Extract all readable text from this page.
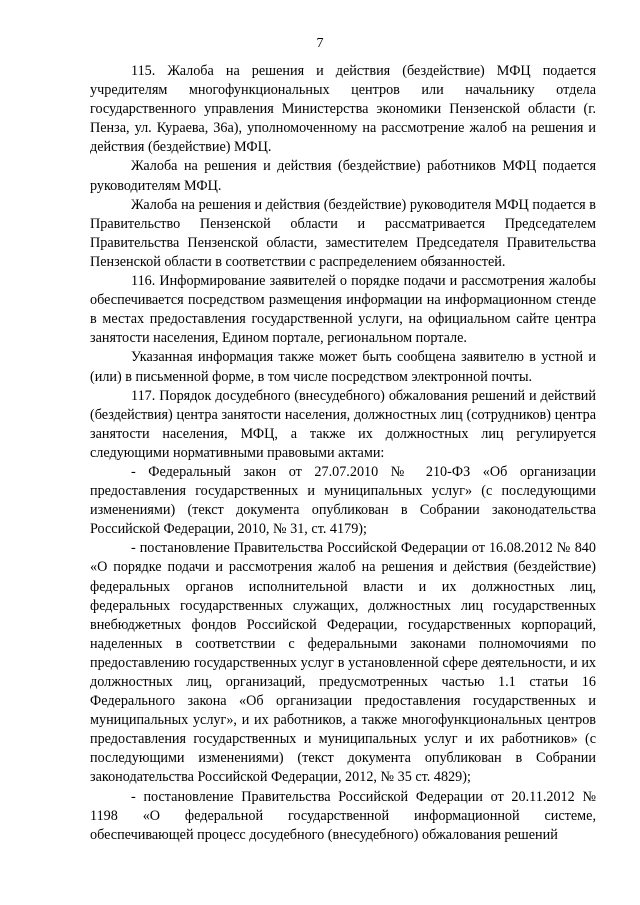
7

115. Жалоба на решения и действия (бездействие) МФЦ подается учредителям многофункциональных центров или начальнику отдела государственного управления Министерства экономики Пензенской области (г. Пенза, ул. Кураева, 36а), уполномоченному на рассмотрение жалоб на решения и действия (бездействие) МФЦ.

Жалоба на решения и действия (бездействие) работников МФЦ подается руководителям МФЦ.

Жалоба на решения и действия (бездействие) руководителя МФЦ подается в Правительство Пензенской области и рассматривается Председателем Правительства Пензенской области, заместителем Председателя Правительства Пензенской области в соответствии с распределением обязанностей.

116. Информирование заявителей о порядке подачи и рассмотрения жалобы обеспечивается посредством размещения информации на информационном стенде в местах предоставления государственной услуги, на официальном сайте центра занятости населения, Едином портале, региональном портале.

Указанная информация также может быть сообщена заявителю в устной и (или) в письменной форме, в том числе посредством электронной почты.

117. Порядок досудебного (внесудебного) обжалования решений и действий (бездействия) центра занятости населения, должностных лиц (сотрудников) центра занятости населения, МФЦ, а также их должностных лиц регулируется следующими нормативными правовыми актами:

- Федеральный закон от 27.07.2010 № 210-ФЗ «Об организации предоставления государственных и муниципальных услуг» (с последующими изменениями) (текст документа опубликован в Собрании законодательства Российской Федерации, 2010, № 31, ст. 4179);

- постановление Правительства Российской Федерации от 16.08.2012 № 840 «О порядке подачи и рассмотрения жалоб на решения и действия (бездействие) федеральных органов исполнительной власти и их должностных лиц, федеральных государственных служащих, должностных лиц государственных внебюджетных фондов Российской Федерации, государственных корпораций, наделенных в соответствии с федеральными законами полномочиями по предоставлению государственных услуг в установленной сфере деятельности, и их должностных лиц, организаций, предусмотренных частью 1.1 статьи 16 Федерального закона «Об организации предоставления государственных и муниципальных услуг», и их работников, а также многофункциональных центров предоставления государственных и муниципальных услуг и их работников» (с последующими изменениями) (текст документа опубликован в Собрании законодательства Российской Федерации, 2012, № 35 ст. 4829);

- постановление Правительства Российской Федерации от 20.11.2012 № 1198 «О федеральной государственной информационной системе, обеспечивающей процесс досудебного (внесудебного) обжалования решений
